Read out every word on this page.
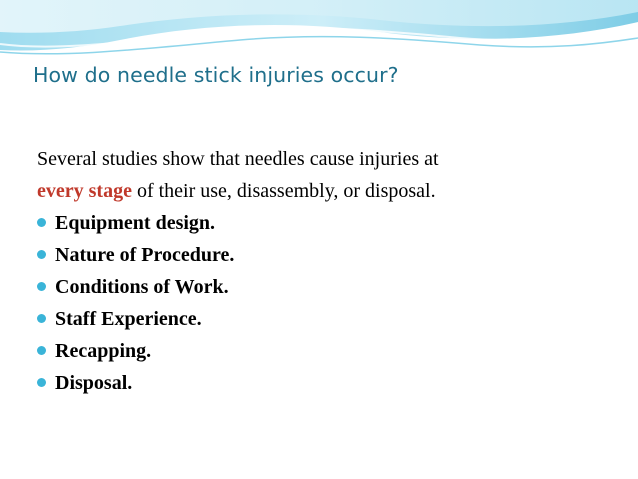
How do needle stick injuries occur?
Several studies show that needles cause injuries at
every stage of their use, disassembly, or disposal.
Equipment design.
Nature of Procedure.
Conditions of Work.
Staff Experience.
Recapping.
Disposal.
